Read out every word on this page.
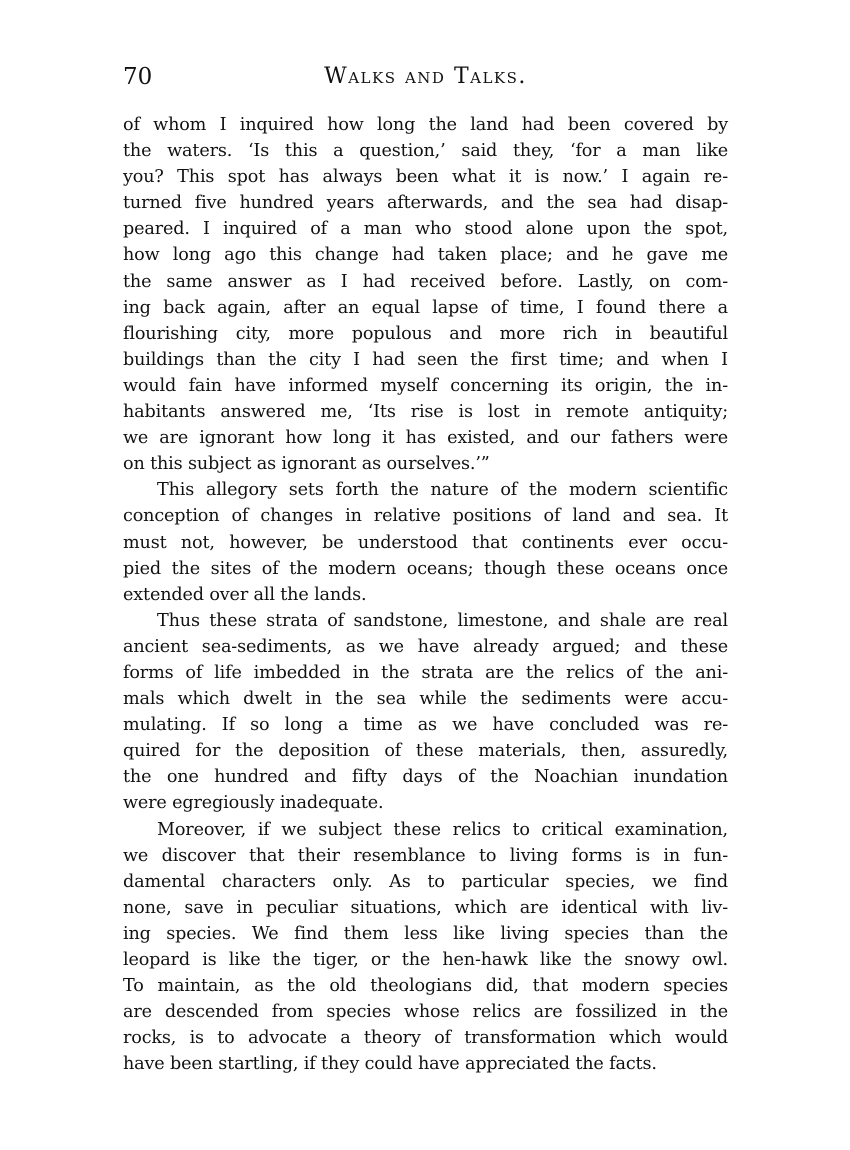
70	Walks and Talks.
of whom I inquired how long the land had been covered by
the waters. ‘Is this a question,’ said they, ‘for a man like
you? This spot has always been what it is now.’ I again re-
turned five hundred years afterwards, and the sea had disap-
peared. I inquired of a man who stood alone upon the spot,
how long ago this change had taken place; and he gave me
the same answer as I had received before. Lastly, on com-
ing back again, after an equal lapse of time, I found there a
flourishing city, more populous and more rich in beautiful
buildings than the city I had seen the first time; and when I
would fain have informed myself concerning its origin, the in-
habitants answered me, ‘Its rise is lost in remote antiquity;
we are ignorant how long it has existed, and our fathers were
on this subject as ignorant as ourselves.’”
This allegory sets forth the nature of the modern scientific
conception of changes in relative positions of land and sea. It
must not, however, be understood that continents ever occu-
pied the sites of the modern oceans; though these oceans once
extended over all the lands.
Thus these strata of sandstone, limestone, and shale are real
ancient sea-sediments, as we have already argued; and these
forms of life imbedded in the strata are the relics of the ani-
mals which dwelt in the sea while the sediments were accu-
mulating. If so long a time as we have concluded was re-
quired for the deposition of these materials, then, assuredly,
the one hundred and fifty days of the Noachian inundation
were egregiously inadequate.
Moreover, if we subject these relics to critical examination,
we discover that their resemblance to living forms is in fun-
damental characters only. As to particular species, we find
none, save in peculiar situations, which are identical with liv-
ing species. We find them less like living species than the
leopard is like the tiger, or the hen-hawk like the snowy owl.
To maintain, as the old theologians did, that modern species
are descended from species whose relics are fossilized in the
rocks, is to advocate a theory of transformation which would
have been startling, if they could have appreciated the facts.
